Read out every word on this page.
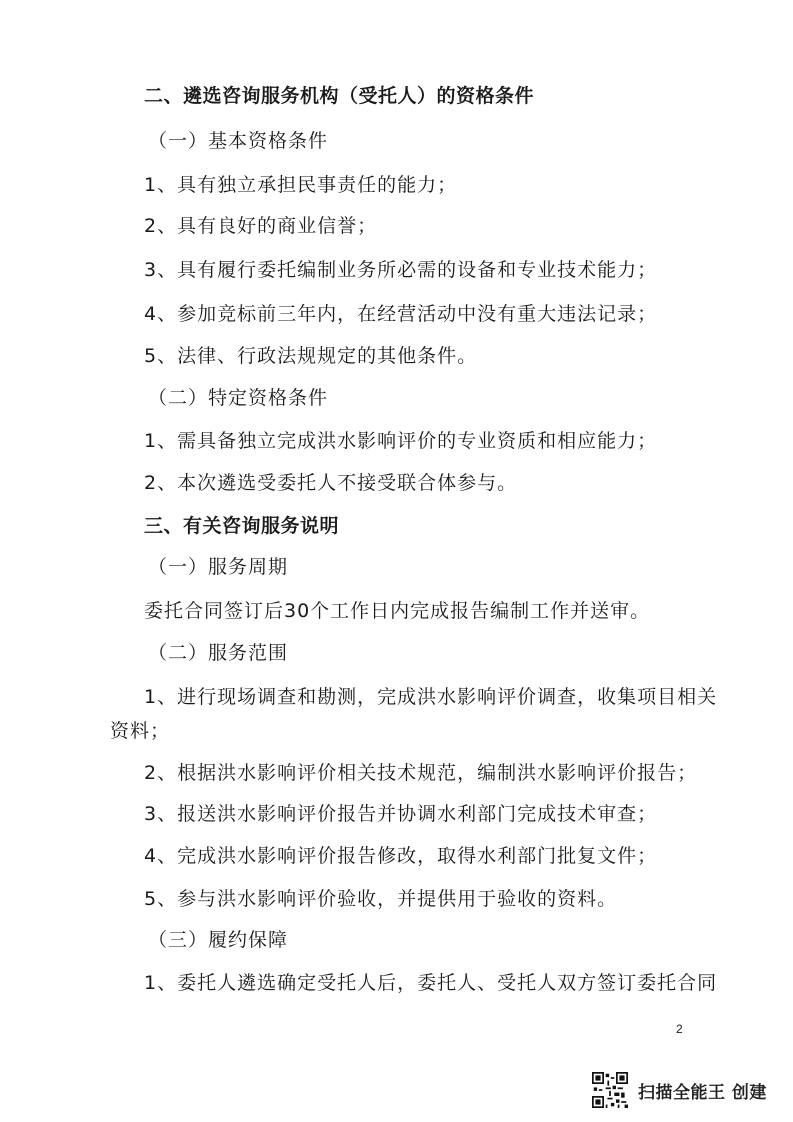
二、遴选咨询服务机构（受托人）的资格条件
（一）基本资格条件
1、具有独立承担民事责任的能力；
2、具有良好的商业信誉；
3、具有履行委托编制业务所必需的设备和专业技术能力；
4、参加竞标前三年内，在经营活动中没有重大违法记录；
5、法律、行政法规规定的其他条件。
（二）特定资格条件
1、需具备独立完成洪水影响评价的专业资质和相应能力；
2、本次遴选受委托人不接受联合体参与。
三、有关咨询服务说明
（一）服务周期
委托合同签订后30个工作日内完成报告编制工作并送审。
（二）服务范围
1、进行现场调查和勘测，完成洪水影响评价调查，收集项目相关
资料；
2、根据洪水影响评价相关技术规范，编制洪水影响评价报告；
3、报送洪水影响评价报告并协调水利部门完成技术审查；
4、完成洪水影响评价报告修改，取得水利部门批复文件；
5、参与洪水影响评价验收，并提供用于验收的资料。
（三）履约保障
1、委托人遴选确定受托人后，委托人、受托人双方签订委托合同
2
扫描全能王 创建
